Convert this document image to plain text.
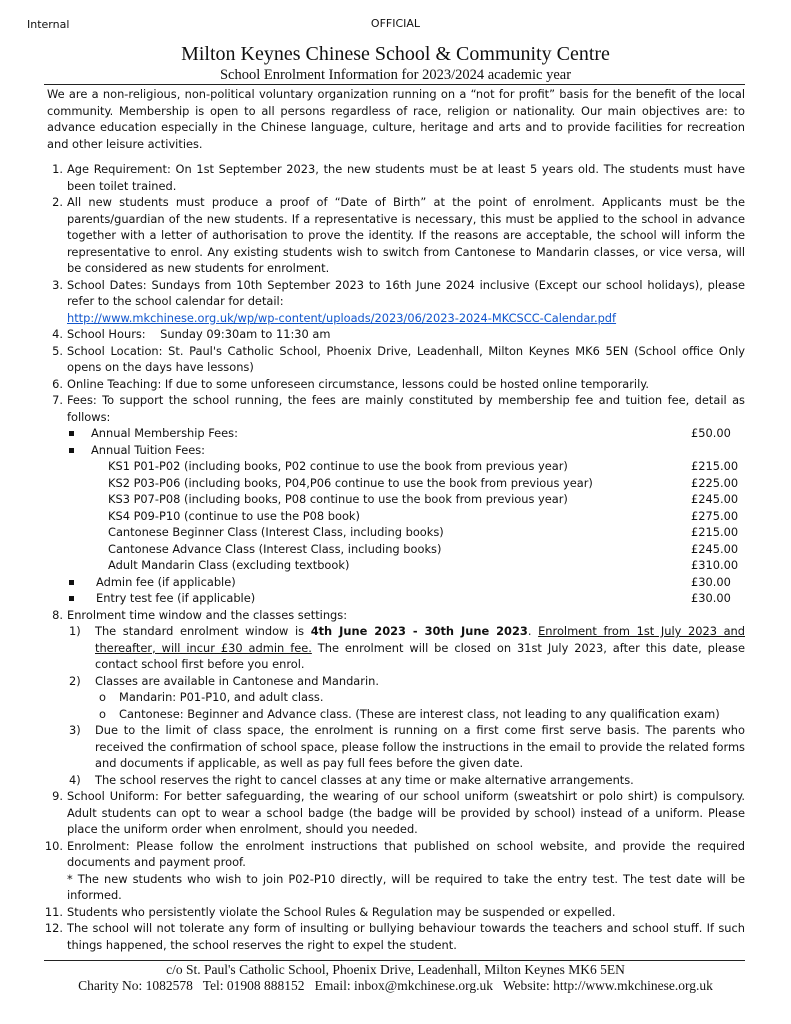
Internal	OFFICIAL
Milton Keynes Chinese School & Community Centre
School Enrolment Information for 2023/2024 academic year
We are a non-religious, non-political voluntary organization running on a “not for profit” basis for the benefit of the local community. Membership is open to all persons regardless of race, religion or nationality. Our main objectives are: to advance education especially in the Chinese language, culture, heritage and arts and to provide facilities for recreation and other leisure activities.
1. Age Requirement: On 1st September 2023, the new students must be at least 5 years old. The students must have been toilet trained.
2. All new students must produce a proof of “Date of Birth” at the point of enrolment. Applicants must be the parents/guardian of the new students. If a representative is necessary, this must be applied to the school in advance together with a letter of authorisation to prove the identity. If the reasons are acceptable, the school will inform the representative to enrol. Any existing students wish to switch from Cantonese to Mandarin classes, or vice versa, will be considered as new students for enrolment.
3. School Dates: Sundays from 10th September 2023 to 16th June 2024 inclusive (Except our school holidays), please refer to the school calendar for detail:
http://www.mkchinese.org.uk/wp/wp-content/uploads/2023/06/2023-2024-MKCSCC-Calendar.pdf
4. School Hours:    Sunday 09:30am to 11:30 am
5. School Location: St. Paul's Catholic School, Phoenix Drive, Leadenhall, Milton Keynes MK6 5EN (School office Only opens on the days have lessons)
6. Online Teaching: If due to some unforeseen circumstance, lessons could be hosted online temporarily.
7. Fees: To support the school running, the fees are mainly constituted by membership fee and tuition fee, detail as follows:
Annual Membership Fees:	£50.00
Annual Tuition Fees:
KS1 P01-P02 (including books, P02 continue to use the book from previous year)	£215.00
KS2 P03-P06 (including books, P04,P06 continue to use the book from previous year)	£225.00
KS3 P07-P08 (including books, P08 continue to use the book from previous year)	£245.00
KS4 P09-P10 (continue to use the P08 book)	£275.00
Cantonese Beginner Class (Interest Class, including books)	£215.00
Cantonese Advance Class (Interest Class, including books)	£245.00
Adult Mandarin Class (excluding textbook)	£310.00
Admin fee (if applicable)	£30.00
Entry test fee (if applicable)	£30.00
8. Enrolment time window and the classes settings:
1) The standard enrolment window is 4th June 2023 - 30th June 2023. Enrolment from 1st July 2023 and thereafter, will incur £30 admin fee. The enrolment will be closed on 31st July 2023, after this date, please contact school first before you enrol.
2) Classes are available in Cantonese and Mandarin.
o Mandarin: P01-P10, and adult class.
o Cantonese: Beginner and Advance class. (These are interest class, not leading to any qualification exam)
3) Due to the limit of class space, the enrolment is running on a first come first serve basis. The parents who received the confirmation of school space, please follow the instructions in the email to provide the related forms and documents if applicable, as well as pay full fees before the given date.
4) The school reserves the right to cancel classes at any time or make alternative arrangements.
9. School Uniform: For better safeguarding, the wearing of our school uniform (sweatshirt or polo shirt) is compulsory. Adult students can opt to wear a school badge (the badge will be provided by school) instead of a uniform. Please place the uniform order when enrolment, should you needed.
10. Enrolment: Please follow the enrolment instructions that published on school website, and provide the required documents and payment proof.
* The new students who wish to join P02-P10 directly, will be required to take the entry test. The test date will be informed.
11. Students who persistently violate the School Rules & Regulation may be suspended or expelled.
12. The school will not tolerate any form of insulting or bullying behaviour towards the teachers and school stuff. If such things happened, the school reserves the right to expel the student.
c/o St. Paul's Catholic School, Phoenix Drive, Leadenhall, Milton Keynes MK6 5EN
Charity No: 1082578   Tel: 01908 888152   Email: inbox@mkchinese.org.uk   Website: http://www.mkchinese.org.uk
